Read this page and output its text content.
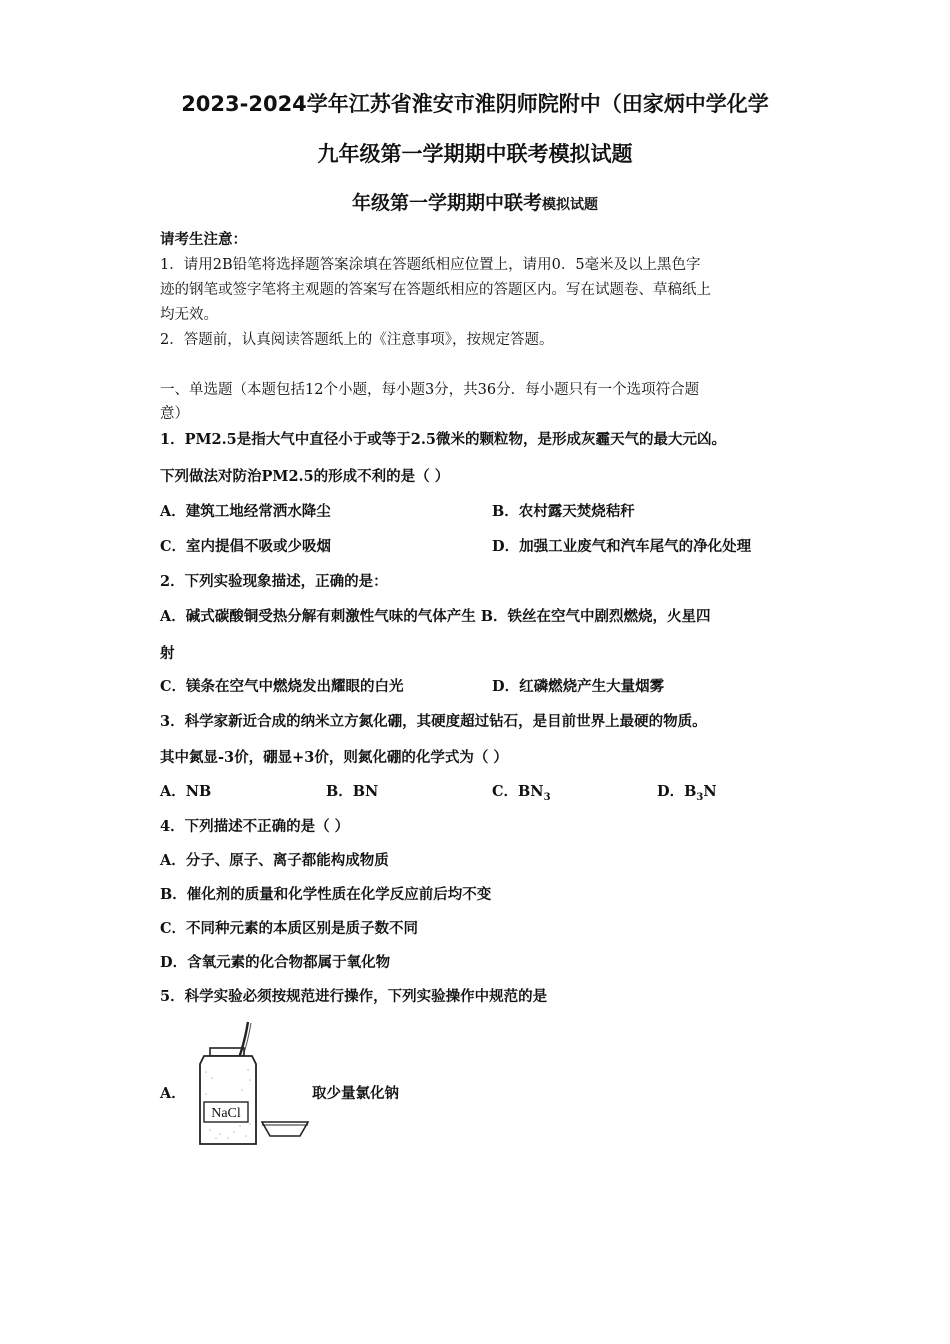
2023-2024学年江苏省淮安市淮阴师院附中（田家炳中学化学
九年级第一学期期中联考模拟试题
年级第一学期期中联考模拟试题
请考生注意：
1．请用2B铅笔将选择题答案涂填在答题纸相应位置上，请用0．5毫米及以上黑色字
迹的钢笔或签字笔将主观题的答案写在答题纸相应的答题区内。写在试题卷、草稿纸上
均无效。
2．答题前，认真阅读答题纸上的《注意事项》，按规定答题。
一、单选题（本题包括12个小题，每小题3分，共36分．每小题只有一个选项符合题
意）
1．PM2.5是指大气中直径小于或等于2.5微米的颗粒物，是形成灰霾天气的最大元凶。
下列做法对防治PM2.5的形成不利的是（ ）
A．建筑工地经常洒水降尘	B．农村露天焚烧秸秆
C．室内提倡不吸或少吸烟	D．加强工业废气和汽车尾气的净化处理
2．下列实验现象描述，正确的是：
A．碱式碳酸铜受热分解有刺激性气味的气体产生 B．铁丝在空气中剧烈燃烧，火星四
射
C．镁条在空气中燃烧发出耀眼的白光	D．红磷燃烧产生大量烟雾
3．科学家新近合成的纳米立方氮化硼，其硬度超过钻石，是目前世界上最硬的物质。
其中氮显-3价，硼显+3价，则氮化硼的化学式为（ ）
A．NB	B．BN	C．$BN_3$	D．$B_3N$
4．下列描述不正确的是（ ）
A．分子、原子、离子都能构成物质
B．催化剂的质量和化学性质在化学反应前后均不变
C．不同种元素的本质区别是质子数不同
D．含氧元素的化合物都属于氧化物
5．科学实验必须按规范进行操作，下列实验操作中规范的是
A．
NaCl
取少量氯化钠
